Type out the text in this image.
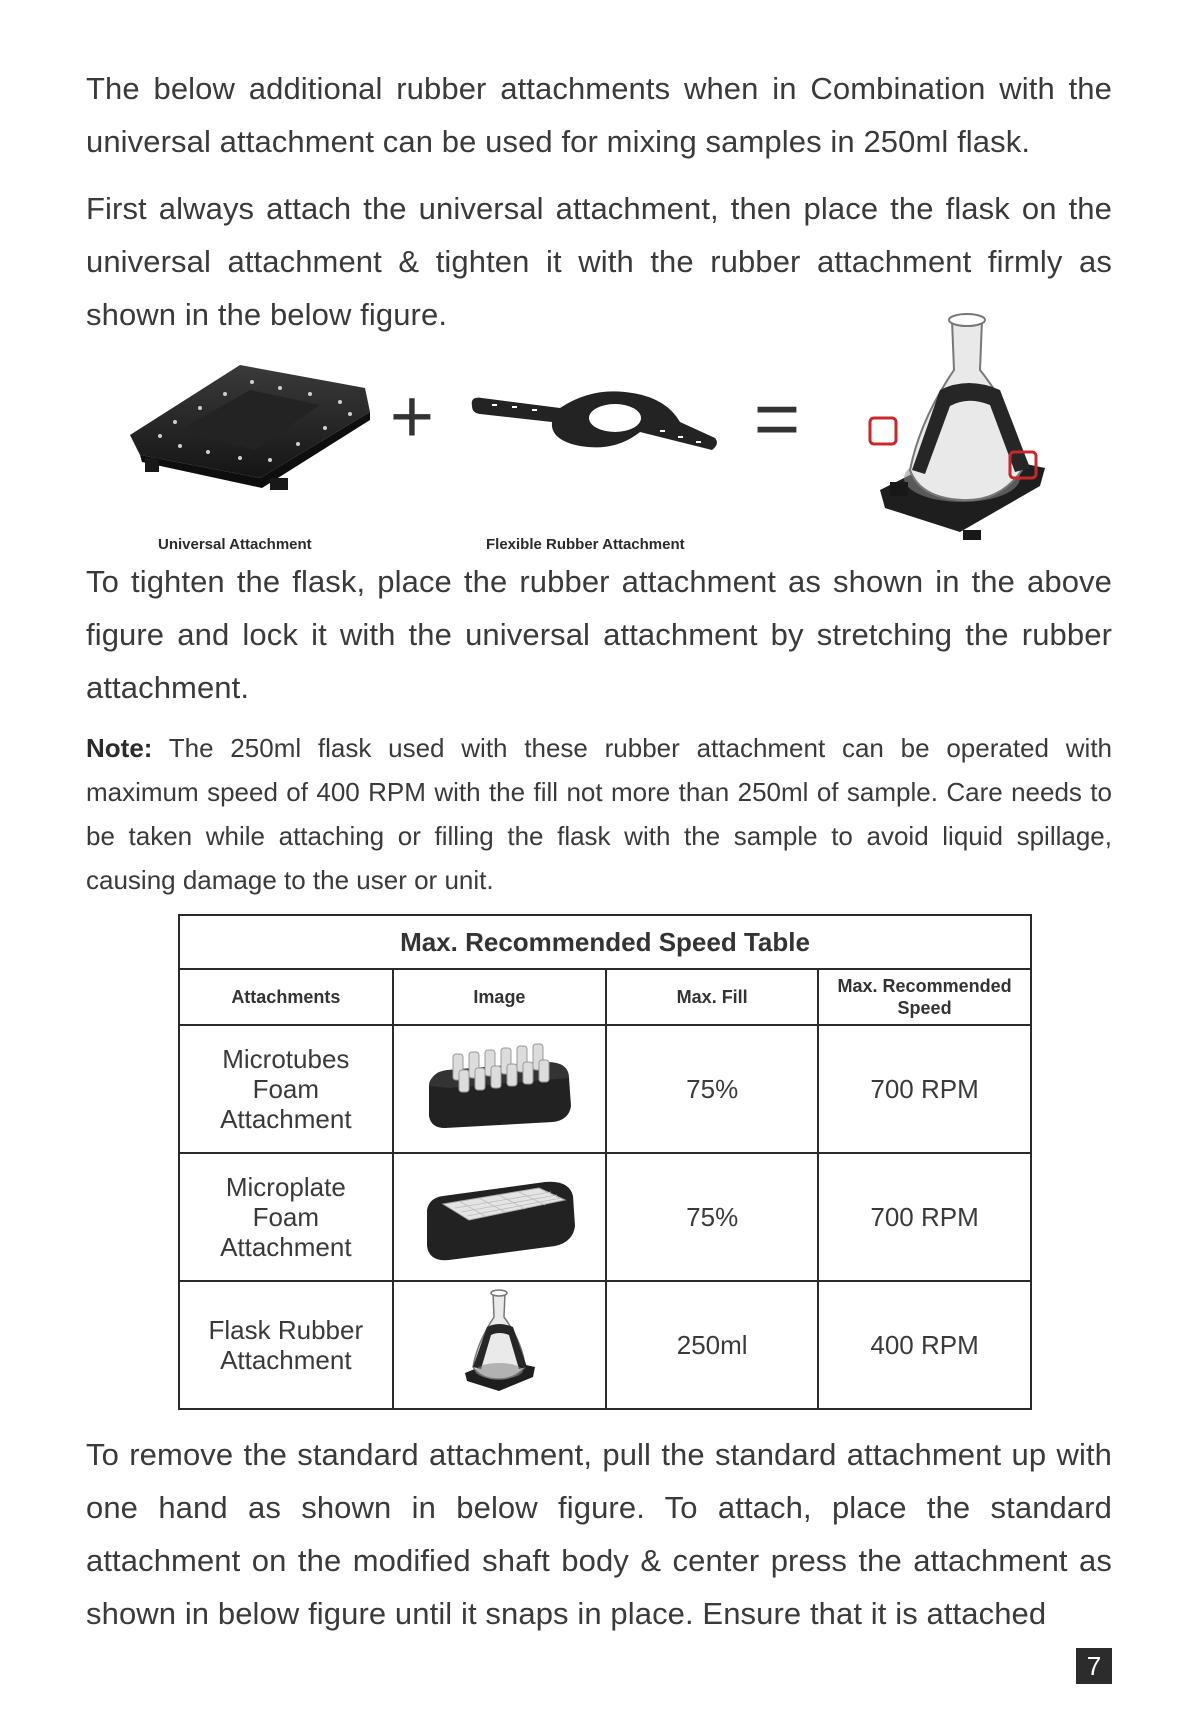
The below additional rubber attachments when in Combination with the universal attachment can be used for mixing samples in 250ml flask.

First always attach the universal attachment, then place the flask on the universal attachment & tighten it with the rubber attachment firmly as shown in the below figure.

+	=
Universal Attachment	Flexible Rubber Attachment

To tighten the flask, place the rubber attachment as shown in the above figure and lock it with the universal attachment by stretching the rubber attachment.

Note: The 250ml flask used with these rubber attachment can be operated with maximum speed of 400 RPM with the fill not more than 250ml of sample. Care needs to be taken while attaching or filling the flask with the sample to avoid liquid spillage, causing damage to the user or unit.

Max. Recommended Speed Table			
Attachments	Image	Max. Fill	Max. Recommended Speed

Microtubes Foam Attachment		75%	700 RPM

Microplate Foam Attachment		75%	700 RPM

Flask Rubber Attachment		250ml	400 RPM

To remove the standard attachment, pull the standard attachment up with one hand as shown in below figure. To attach, place the standard attachment on the modified shaft body & center press the attachment as shown in below figure until it snaps in place. Ensure that it is attached

7
